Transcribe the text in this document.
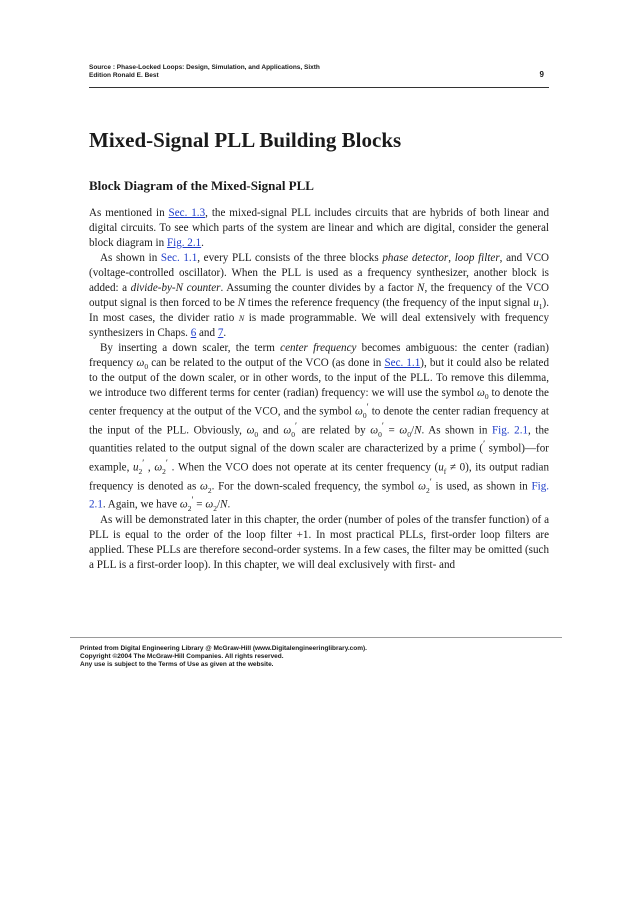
Source : Phase-Locked Loops: Design, Simulation, and Applications, Sixth
Edition Ronald E. Best	9
Mixed-Signal PLL Building Blocks
Block Diagram of the Mixed-Signal PLL

As mentioned in Sec. 1.3, the mixed-signal PLL includes circuits that are hybrids of both linear and digital circuits. To see which parts of the system are linear and which are digital, consider the general block diagram in Fig. 2.1.

As shown in Sec. 1.1, every PLL consists of the three blocks phase detector, loop filter, and VCO (voltage-controlled oscillator). When the PLL is used as a frequency synthesizer, another block is added: a divide-by-N counter. Assuming the counter divides by a factor N, the frequency of the VCO output signal is then forced to be N times the reference frequency (the frequency of the input signal $u_1$). In most cases, the divider ratio N is made programmable. We will deal extensively with frequency synthesizers in Chaps. 6 and 7.

By inserting a down scaler, the term center frequency becomes ambiguous: the center (radian) frequency $\omega_0$ can be related to the output of the VCO (as done in Sec. 1.1), but it could also be related to the output of the down scaler, or in other words, to the input of the PLL. To remove this dilemma, we introduce two different terms for center (radian) frequency: we will use the symbol $\omega_0$ to denote the center frequency at the output of the VCO, and the symbol $\omega_0'$ to denote the center radian frequency at the input of the PLL. Obviously, $\omega_0$ and $\omega_0'$ are related by $\omega_0' = \omega_0/N$. As shown in Fig. 2.1, the quantities related to the output signal of the down scaler are characterized by a prime (′ symbol)—for example, $u_2'$ , $\omega_2'$ . When the VCO does not operate at its center frequency $(u_f \ne 0)$, its output radian frequency is denoted as $\omega_2$. For the down-scaled frequency, the symbol $\omega_2'$ is used, as shown in Fig. 2.1. Again, we have $\omega_2' = \omega_2/N$.

As will be demonstrated later in this chapter, the order (number of poles of the transfer function) of a PLL is equal to the order of the loop filter +1. In most practical PLLs, first-order loop filters are applied. These PLLs are therefore second-order systems. In a few cases, the filter may be omitted (such a PLL is a first-order loop). In this chapter, we will deal exclusively with first- and

Printed from Digital Engineering Library @ McGraw-Hill (www.Digitalengineeringlibrary.com).
Copyright ©2004 The McGraw-Hill Companies. All rights reserved.
Any use is subject to the Terms of Use as given at the website.
